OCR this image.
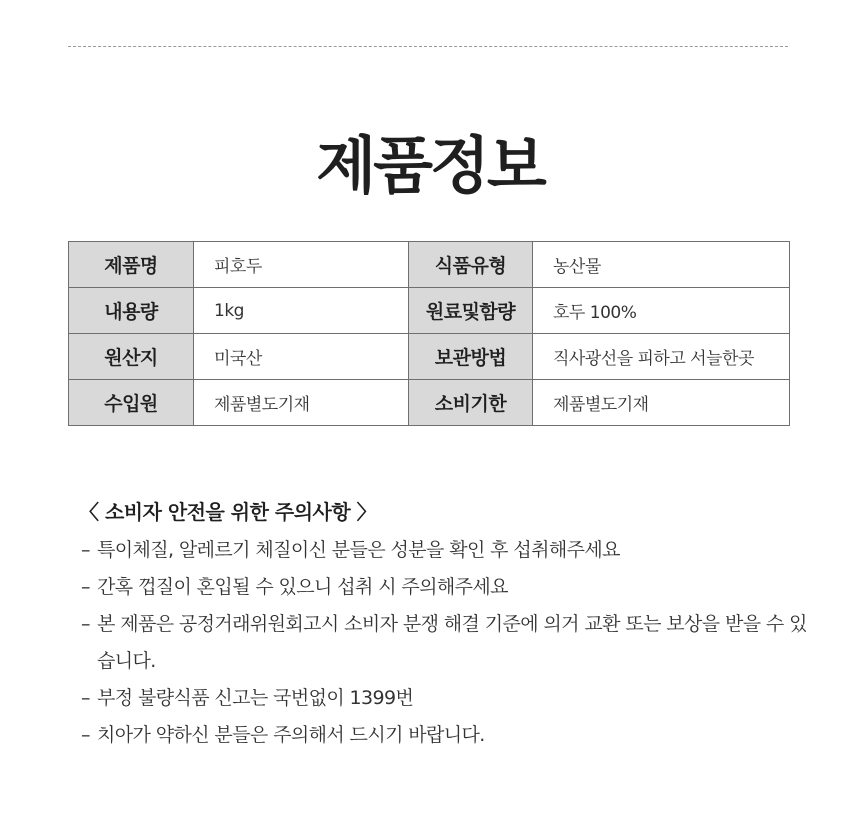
제품정보
제품명	피호두	식품유형	농산물
내용량	1kg	원료및함량	호두 100%
원산지	미국산	보관방법	직사광선을 피하고 서늘한곳
수입원	제품별도기재	소비기한	제품별도기재
〈 소비자 안전을 위한 주의사항 〉
– 특이체질, 알레르기 체질이신 분들은 성분을 확인 후 섭취해주세요
– 간혹 껍질이 혼입될 수 있으니 섭취 시 주의해주세요
– 본 제품은 공정거래위원회고시 소비자 분쟁 해결 기준에 의거 교환 또는 보상을 받을 수 있습니다.
– 부정 불량식품 신고는 국번없이 1399번
– 치아가 약하신 분들은 주의해서 드시기 바랍니다.
